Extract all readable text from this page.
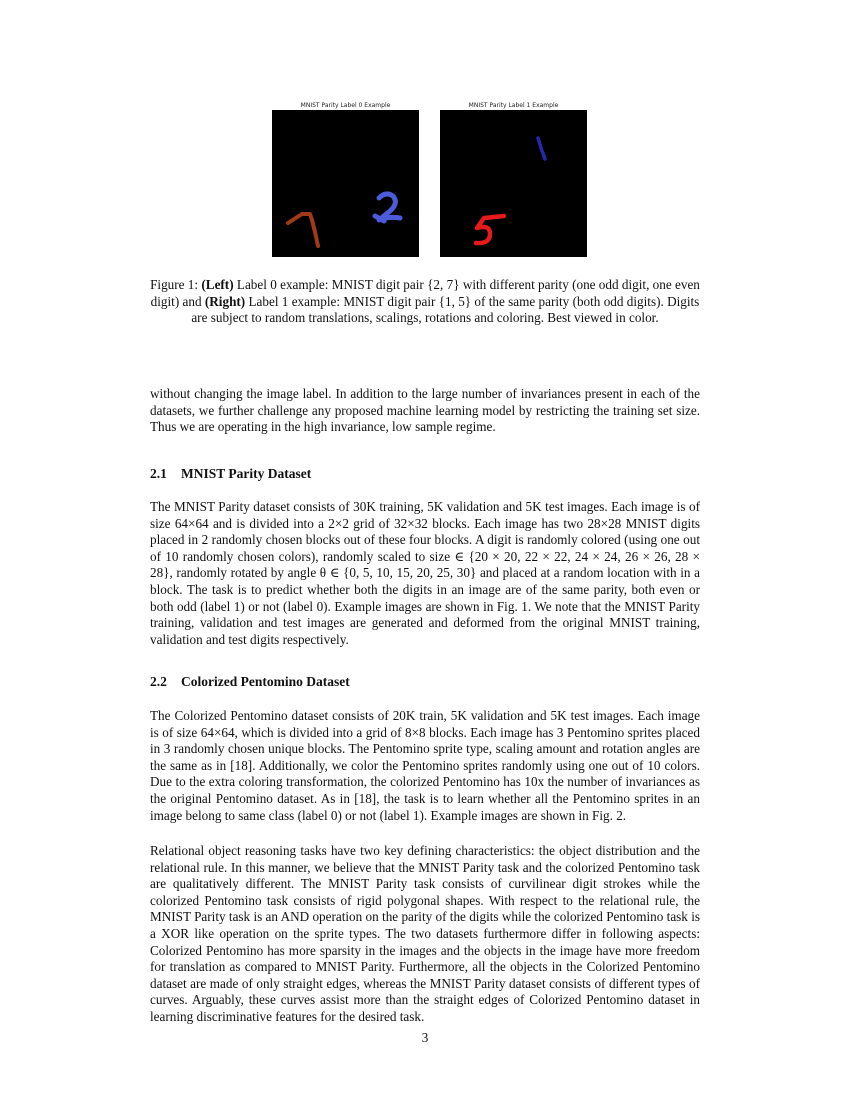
MNIST Parity Label 0 Example	MNIST Parity Label 1 Example
Figure 1: (Left) Label 0 example: MNIST digit pair {2, 7} with different parity (one odd digit, one even digit) and (Right) Label 1 example: MNIST digit pair {1, 5} of the same parity (both odd digits). Digits are subject to random translations, scalings, rotations and coloring. Best viewed in color.

without changing the image label. In addition to the large number of invariances present in each of the datasets, we further challenge any proposed machine learning model by restricting the training set size. Thus we are operating in the high invariance, low sample regime.

2.1 MNIST Parity Dataset

The MNIST Parity dataset consists of 30K training, 5K validation and 5K test images. Each image is of size 64×64 and is divided into a 2×2 grid of 32×32 blocks. Each image has two 28×28 MNIST digits placed in 2 randomly chosen blocks out of these four blocks. A digit is randomly colored (using one out of 10 randomly chosen colors), randomly scaled to size ∈ {20 × 20, 22 × 22, 24 × 24, 26 × 26, 28 × 28}, randomly rotated by angle θ ∈ {0, 5, 10, 15, 20, 25, 30} and placed at a random location with in a block. The task is to predict whether both the digits in an image are of the same parity, both even or both odd (label 1) or not (label 0). Example images are shown in Fig. 1. We note that the MNIST Parity training, validation and test images are generated and deformed from the original MNIST training, validation and test digits respectively.

2.2 Colorized Pentomino Dataset

The Colorized Pentomino dataset consists of 20K train, 5K validation and 5K test images. Each image is of size 64×64, which is divided into a grid of 8×8 blocks. Each image has 3 Pentomino sprites placed in 3 randomly chosen unique blocks. The Pentomino sprite type, scaling amount and rotation angles are the same as in [18]. Additionally, we color the Pentomino sprites randomly using one out of 10 colors. Due to the extra coloring transformation, the colorized Pentomino has 10x the number of invariances as the original Pentomino dataset. As in [18], the task is to learn whether all the Pentomino sprites in an image belong to same class (label 0) or not (label 1). Example images are shown in Fig. 2.

Relational object reasoning tasks have two key defining characteristics: the object distribution and the relational rule. In this manner, we believe that the MNIST Parity task and the colorized Pentomino task are qualitatively different. The MNIST Parity task consists of curvilinear digit strokes while the colorized Pentomino task consists of rigid polygonal shapes. With respect to the relational rule, the MNIST Parity task is an AND operation on the parity of the digits while the colorized Pentomino task is a XOR like operation on the sprite types. The two datasets furthermore differ in following aspects: Colorized Pentomino has more sparsity in the images and the objects in the image have more freedom for translation as compared to MNIST Parity. Furthermore, all the objects in the Colorized Pentomino dataset are made of only straight edges, whereas the MNIST Parity dataset consists of different types of curves. Arguably, these curves assist more than the straight edges of Colorized Pentomino dataset in learning discriminative features for the desired task.

3
